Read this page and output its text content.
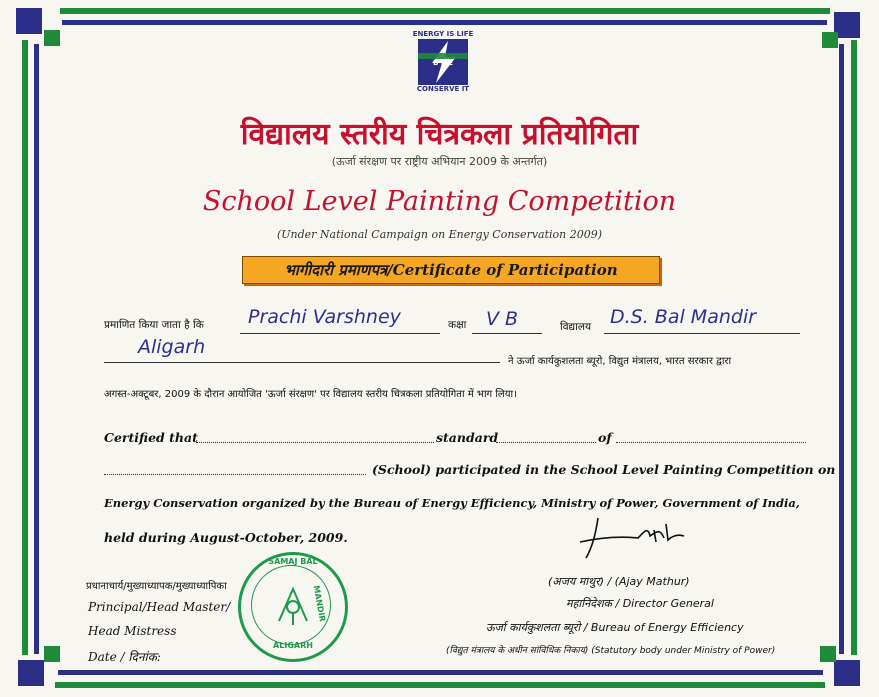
ENERGY IS LIFE
B E E
CONSERVE IT
विद्यालय स्तरीय चित्रकला प्रतियोगिता
(ऊर्जा संरक्षण पर राष्ट्रीय अभियान 2009 के अन्तर्गत)
School Level Painting Competition
(Under National Campaign on Energy Conservation 2009)
भागीदारी प्रमाणपत्र/Certificate of Participation
प्रमाणित किया जाता है कि Prachi Varshney	कक्षा V B	विद्यालय D.S. Bal Mandir
Aligarh
ने ऊर्जा कार्यकुशलता ब्यूरो, विद्युत मंत्रालय, भारत सरकार द्वारा
अगस्त-अक्टूबर, 2009 के दौरान आयोजित 'ऊर्जा संरक्षण' पर विद्यालय स्तरीय चित्रकला प्रतियोगिता में भाग लिया।
Certified that	standard	of
(School) participated in the School Level Painting Competition on
Energy Conservation organized by the Bureau of Energy Efficiency, Ministry of Power, Government of India,
held during August-October, 2009.
(अजय माथुर) / (Ajay Mathur)
महानिदेशक / Director General
ऊर्जा कार्यकुशलता ब्यूरो / Bureau of Energy Efficiency
(विद्युत मंत्रालय के अधीन सांविधिक निकाय) (Statutory body under Ministry of Power)
प्रधानाचार्य/मुख्याध्यापक/मुख्याध्यापिका
Principal/Head Master/
Head Mistress
Date / दिनांक:
SAMAJ BAL
MANDIR
ALIGARH
